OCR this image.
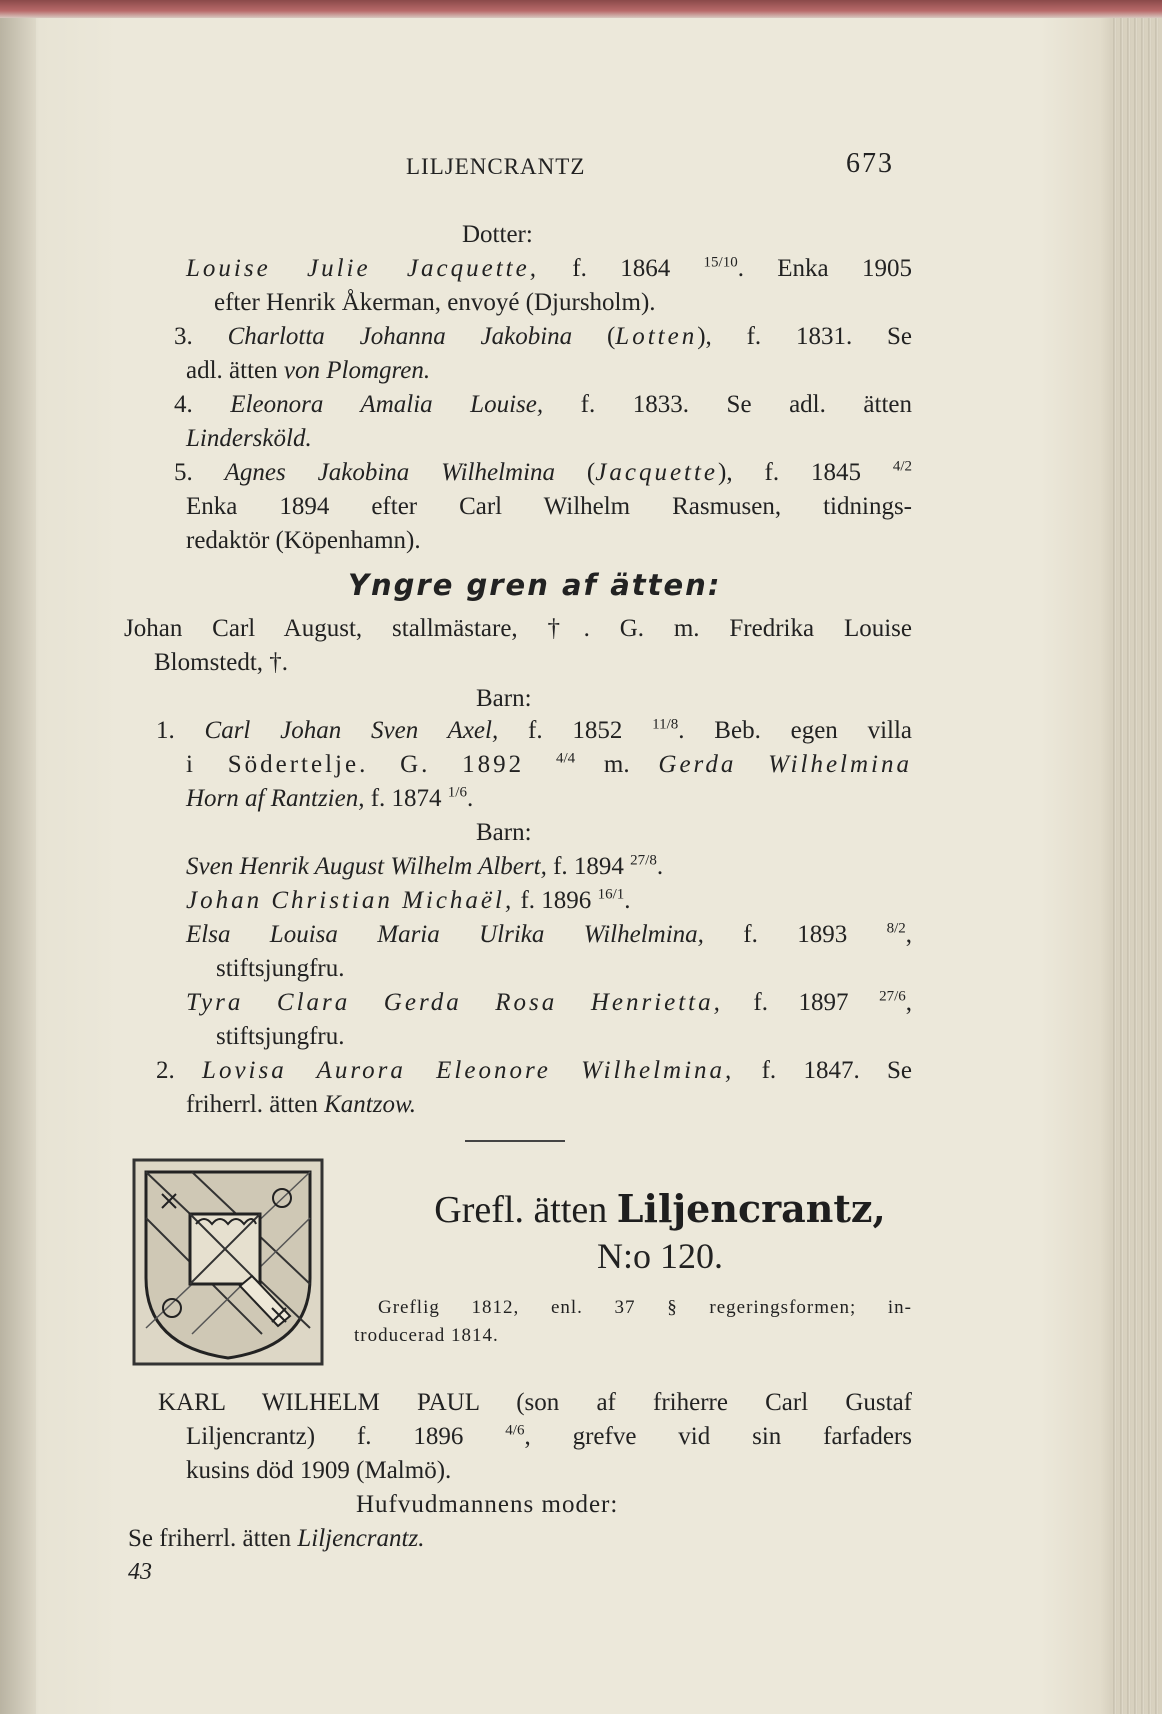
LILJENCRANTZ	673
Dotter:
Louise Julie Jacquette, f. 1864 $^{15/10}$. Enka 1905
efter Henrik Åkerman, envoyé (Djursholm).
3. Charlotta Johanna Jakobina (Lotten), f. 1831. Se
adl. ätten von Plomgren.
4. Eleonora Amalia Louise, f. 1833. Se adl. ätten
Lindersköld.
5. Agnes Jakobina Wilhelmina (Jacquette), f. 1845 $^{4/2}$
Enka 1894 efter Carl Wilhelm Rasmusen, tidnings-
redaktör (Köpenhamn).
Yngre gren af ätten:
Johan Carl August, stallmästare, †. G. m. Fredrika Louise
Blomstedt, †.
Barn:
1. Carl Johan Sven Axel, f. 1852 $^{11/8}$. Beb. egen villa
i Södertelje. G. 1892 $^{4/4}$ m. Gerda Wilhelmina
Horn af Rantzien, f. 1874 $^{1/6}$.
Barn:
Sven Henrik August Wilhelm Albert, f. 1894 $^{27/8}$.
Johan Christian Michaël, f. 1896 $^{16/1}$.
Elsa Louisa Maria Ulrika Wilhelmina, f. 1893 $^{8/2}$,
stiftsjungfru.
Tyra Clara Gerda Rosa Henrietta, f. 1897 $^{27/6}$,
stiftsjungfru.
2. Lovisa Aurora Eleonore Wilhelmina, f. 1847. Se
friherrl. ätten Kantzow.
Grefl. ätten Liljencrantz,
N:o 120.
Greflig 1812, enl. 37 § regeringsformen; in-
troducerad 1814.
KARL WILHELM PAUL (son af friherre Carl Gustaf
Liljencrantz) f. 1896 $^{4/6}$, grefve vid sin farfaders
kusins död 1909 (Malmö).
Hufvudmannens moder:
Se friherrl. ätten Liljencrantz.
43
